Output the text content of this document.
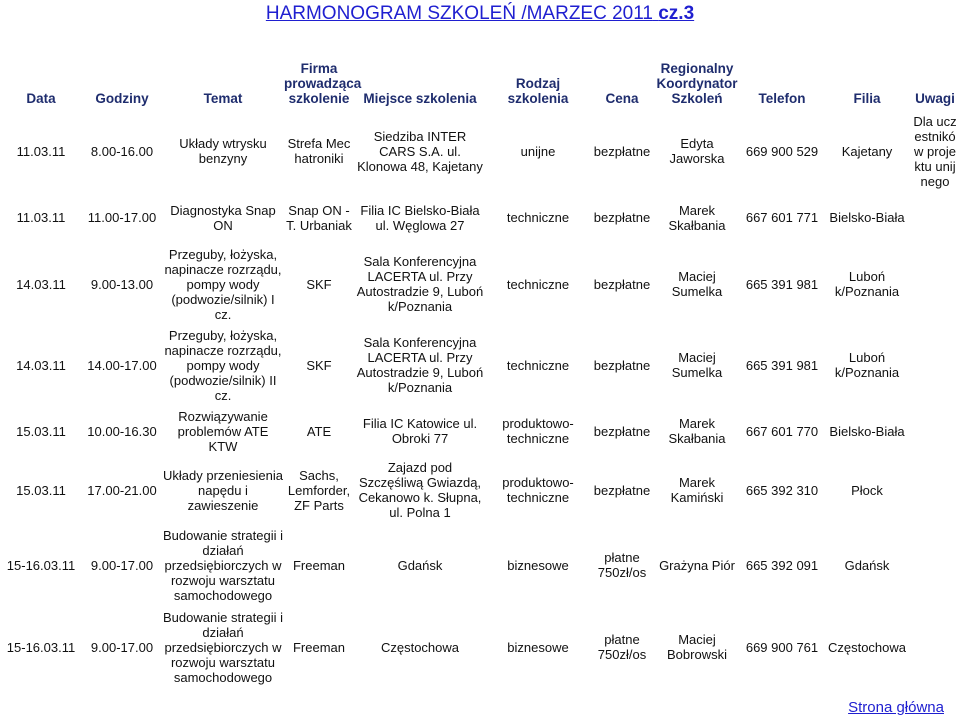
HARMONOGRAM SZKOLEŃ /MARZEC 2011 cz.3
Data	Godziny	Temat	Firma prowadząca szkolenie	Miejsce szkolenia	Rodzaj szkolenia	Cena	Regionalny Koordynator Szkoleń	Telefon	Filia	Uwagi
11.03.11	8.00-16.00	Układy wtrysku benzyny	Strefa Mechatroniki	Siedziba INTER CARS S.A. ul. Klonowa 48, Kajetany	unijne	bezpłatne	Edyta Jaworska	669 900 529	Kajetany	Dla uczestników projektu unijnego
11.03.11	11.00-17.00	Diagnostyka Snap ON	Snap ON - T. Urbaniak	Filia IC Bielsko-Biała ul. Węglowa 27	techniczne	bezpłatne	Marek Skałbania	667 601 771	Bielsko-Biała	
14.03.11	9.00-13.00	Przeguby, łożyska, napinacze rozrządu, pompy wody (podwozie/silnik) I cz.	SKF	Sala Konferencyjna LACERTA ul. Przy Autostradzie 9, Luboń k/Poznania	techniczne	bezpłatne	Maciej Sumelka	665 391 981	Luboń k/Poznania	
14.03.11	14.00-17.00	Przeguby, łożyska, napinacze rozrządu, pompy wody (podwozie/silnik) II cz.	SKF	Sala Konferencyjna LACERTA ul. Przy Autostradzie 9, Luboń k/Poznania	techniczne	bezpłatne	Maciej Sumelka	665 391 981	Luboń k/Poznania	
15.03.11	10.00-16.30	Rozwiązywanie problemów ATE KTW	ATE	Filia IC Katowice ul. Obroki 77	produktowo-techniczne	bezpłatne	Marek Skałbania	667 601 770	Bielsko-Biała	
15.03.11	17.00-21.00	Układy przeniesienia napędu i zawieszenie	Sachs, Lemforder, ZF Parts	Zajazd pod Szczęśliwą Gwiazdą, Cekanowo k. Słupna, ul. Polna 1	produktowo-techniczne	bezpłatne	Marek Kamiński	665 392 310	Płock	
15-16.03.11	9.00-17.00	Budowanie strategii i działań przedsiębiorczych w rozwoju warsztatu samochodowego	Freeman	Gdańsk	biznesowe	płatne 750zł/os	Grażyna Piór	665 392 091	Gdańsk	
15-16.03.11	9.00-17.00	Budowanie strategii i działań przedsiębiorczych w rozwoju warsztatu samochodowego	Freeman	Częstochowa	biznesowe	płatne 750zł/os	Maciej Bobrowski	669 900 761	Częstochowa	
Strona główna
